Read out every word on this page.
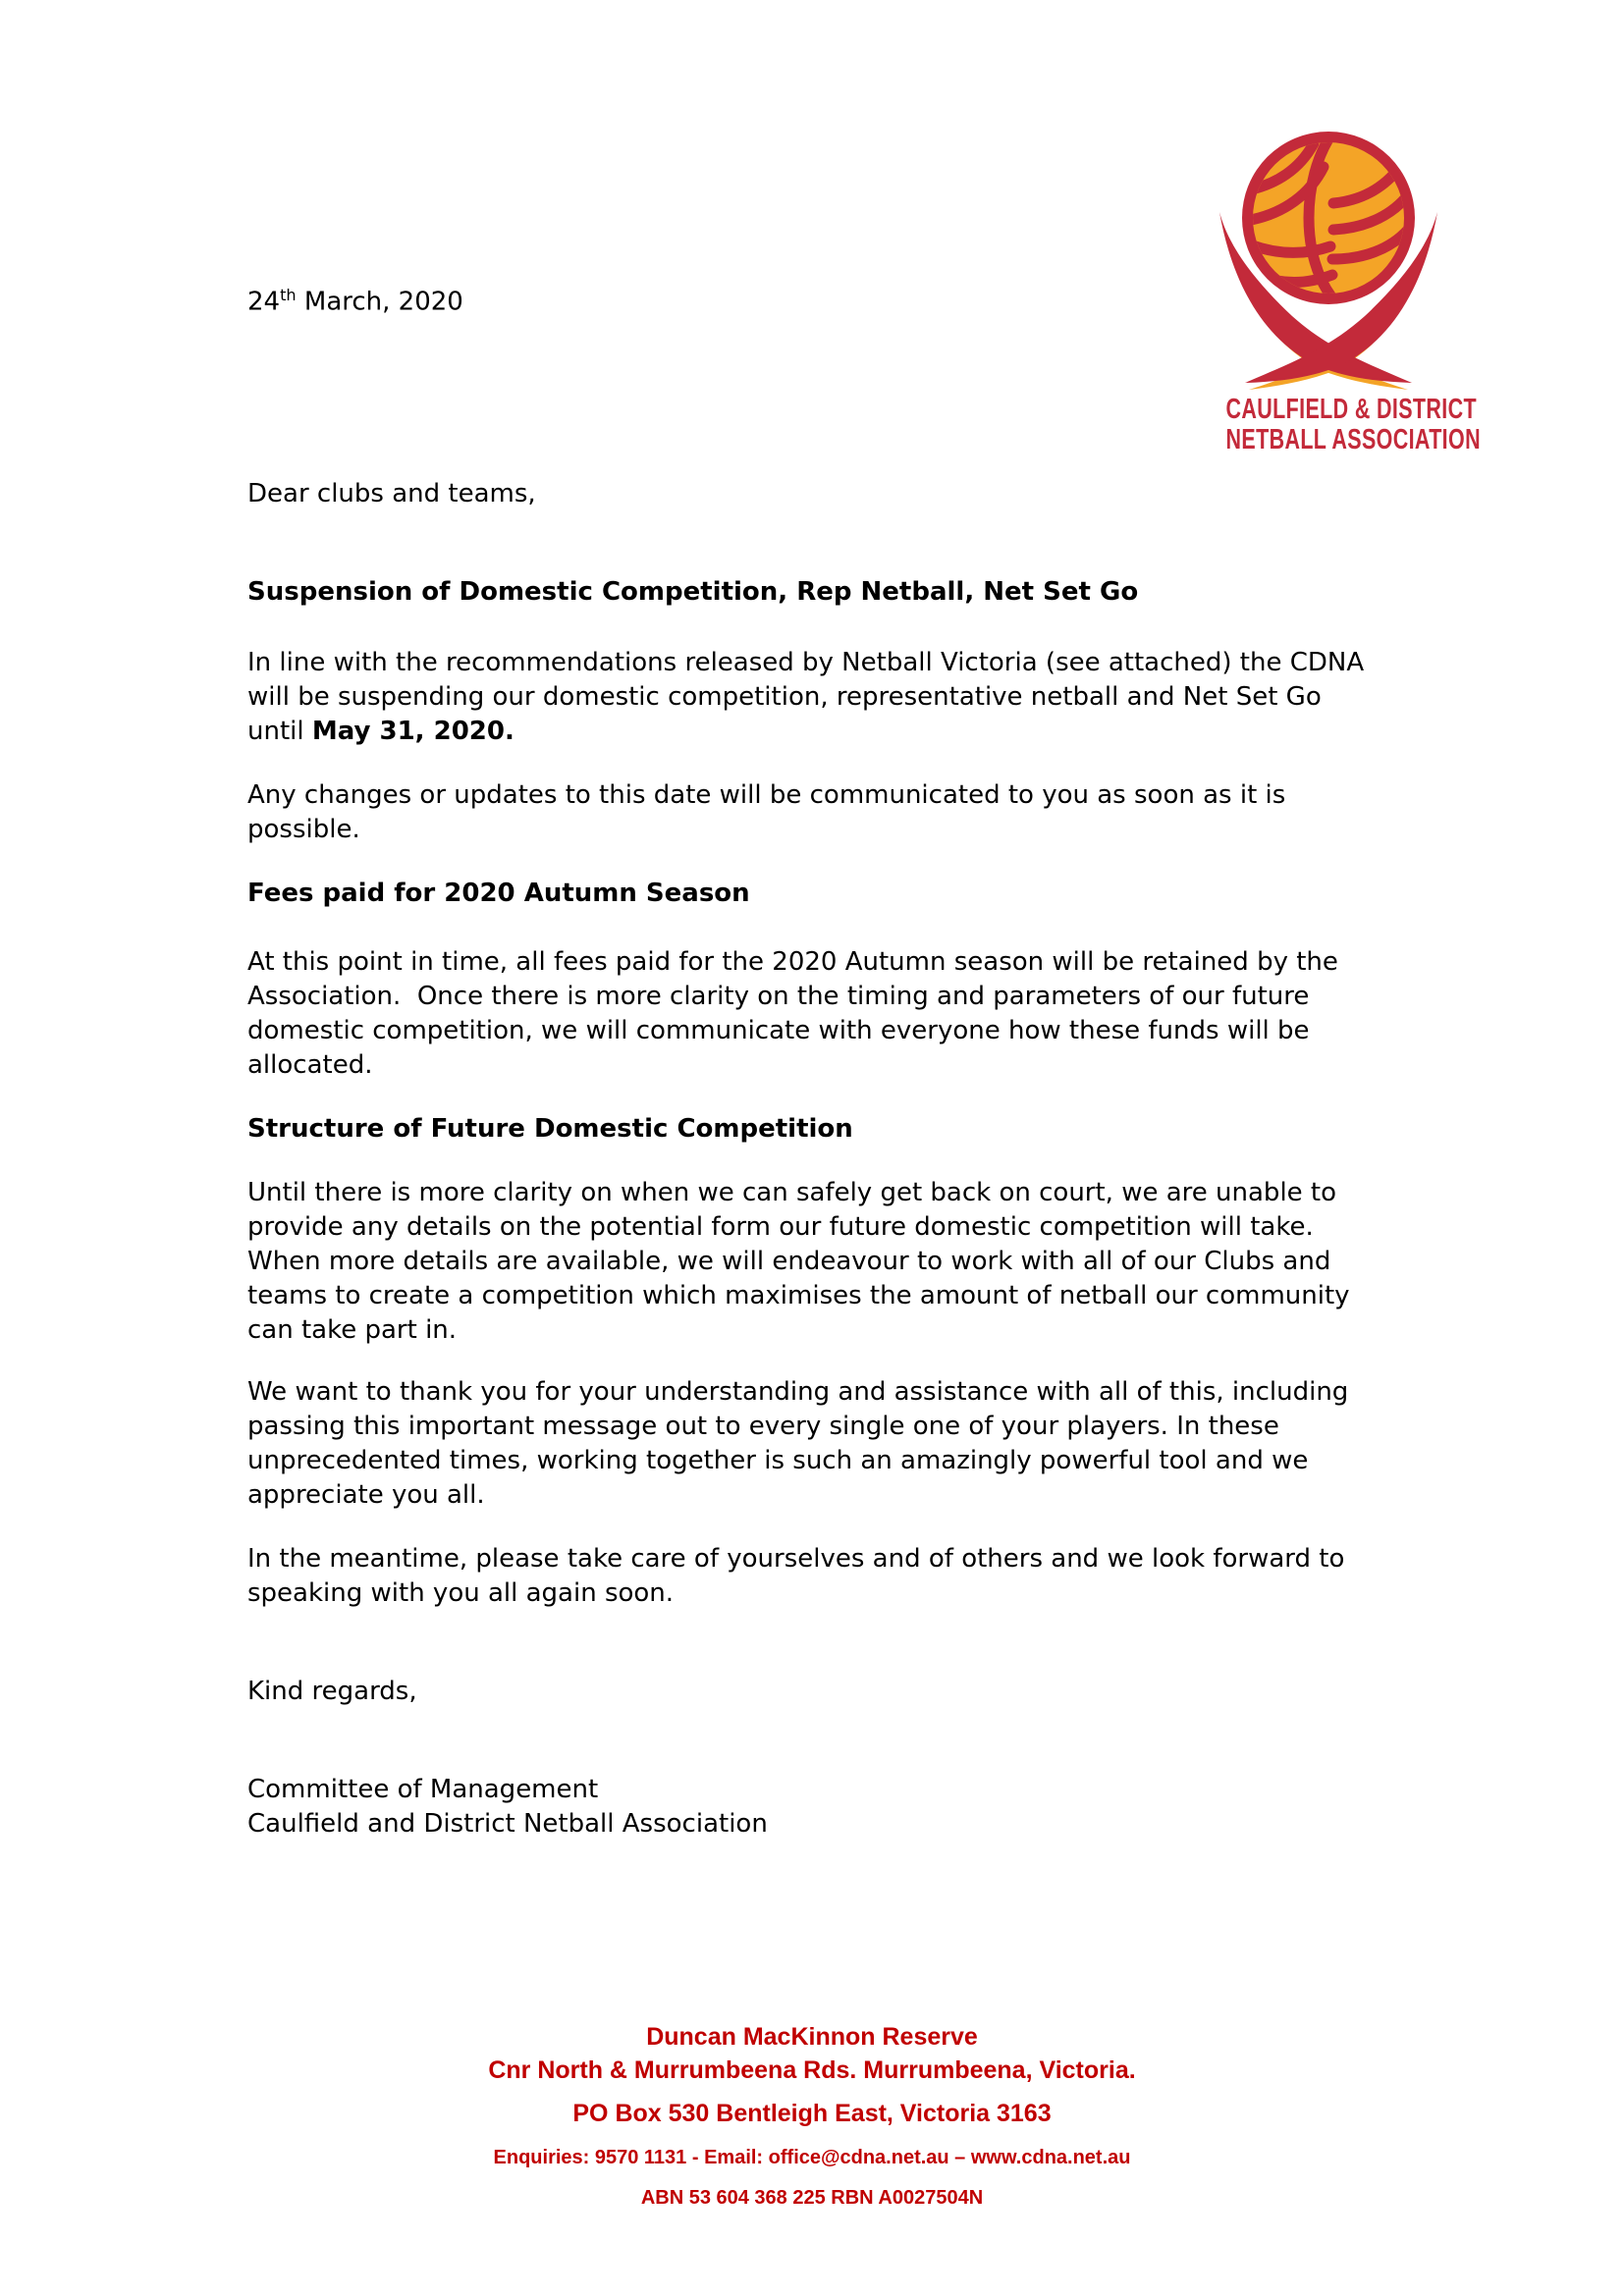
CAULFIELD & DISTRICT
NETBALL ASSOCIATION

24th March, 2020

Dear clubs and teams,

Suspension of Domestic Competition, Rep Netball, Net Set Go

In line with the recommendations released by Netball Victoria (see attached) the CDNA will be suspending our domestic competition, representative netball and Net Set Go until May 31, 2020.

Any changes or updates to this date will be communicated to you as soon as it is possible.

Fees paid for 2020 Autumn Season

At this point in time, all fees paid for the 2020 Autumn season will be retained by the Association.  Once there is more clarity on the timing and parameters of our future domestic competition, we will communicate with everyone how these funds will be allocated.

Structure of Future Domestic Competition

Until there is more clarity on when we can safely get back on court, we are unable to provide any details on the potential form our future domestic competition will take.  When more details are available, we will endeavour to work with all of our Clubs and teams to create a competition which maximises the amount of netball our community can take part in.

We want to thank you for your understanding and assistance with all of this, including passing this important message out to every single one of your players. In these unprecedented times, working together is such an amazingly powerful tool and we appreciate you all.

In the meantime, please take care of yourselves and of others and we look forward to speaking with you all again soon.

Kind regards,

Committee of Management
Caulfield and District Netball Association
Duncan MacKinnon Reserve
Cnr North & Murrumbeena Rds. Murrumbeena, Victoria.
PO Box 530 Bentleigh East, Victoria 3163
Enquiries: 9570 1131 - Email: office@cdna.net.au – www.cdna.net.au
ABN 53 604 368 225 RBN A0027504N
